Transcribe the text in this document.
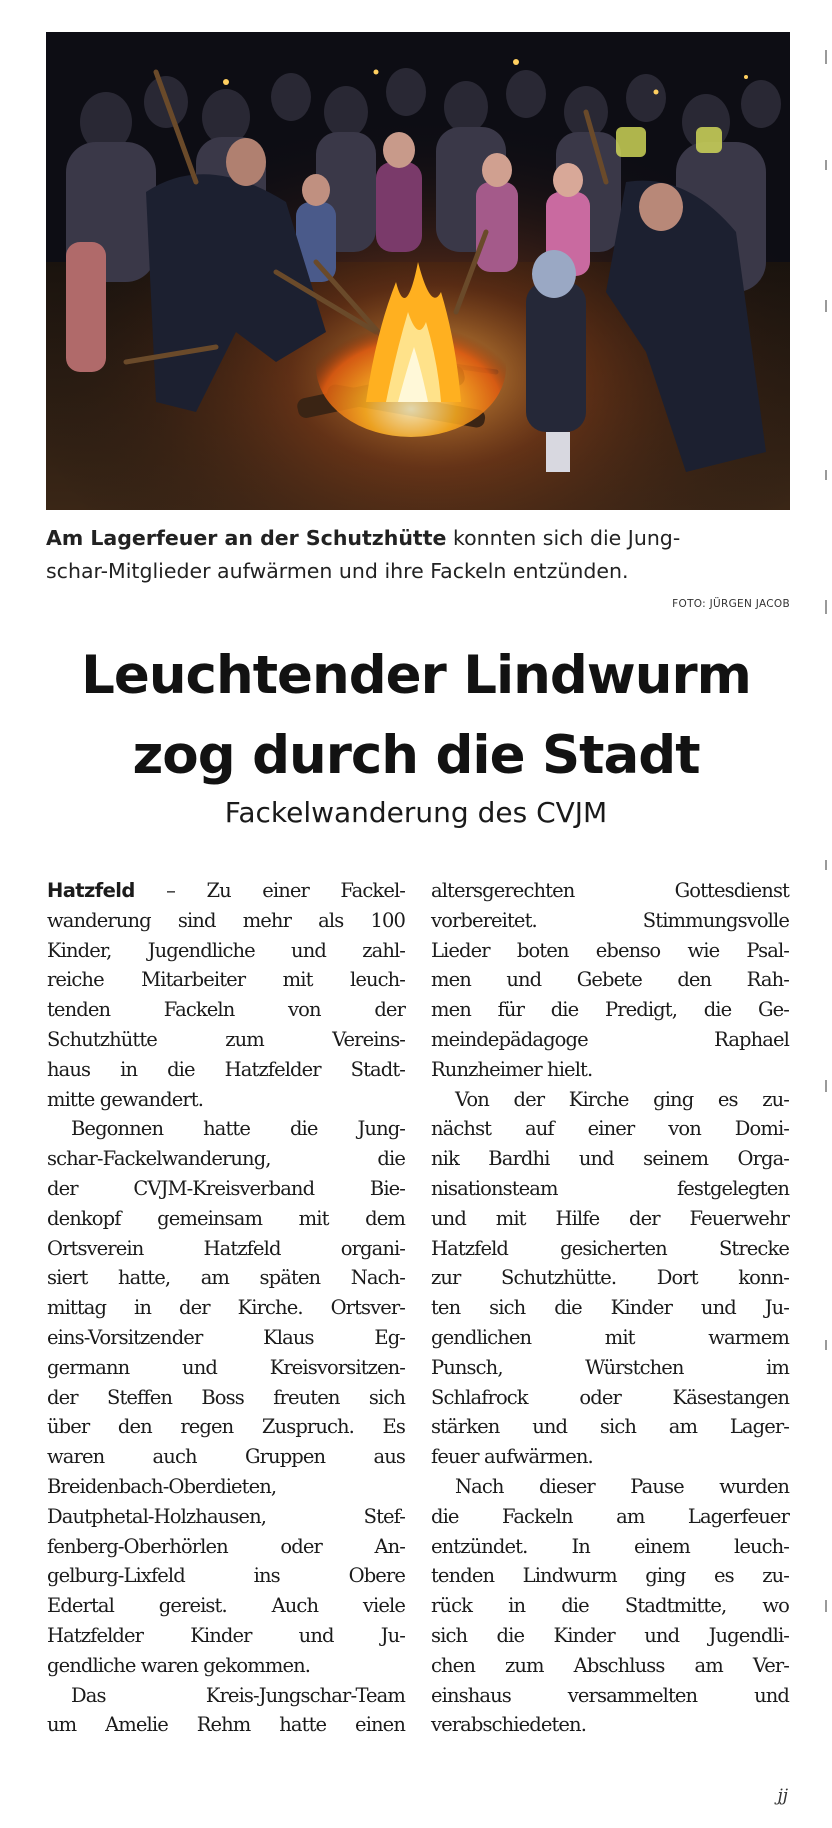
Am Lagerfeuer an der Schutzhütte konnten sich die Jung-
schar-Mitglieder aufwärmen und ihre Fackeln entzünden.
FOTO: JÜRGEN JACOB
Leuchtender Lindwurm
zog durch die Stadt
Fackelwanderung des CVJM
Hatzfeld – Zu einer Fackel-
wanderung sind mehr als 100
Kinder, Jugendliche und zahl-
reiche Mitarbeiter mit leuch-
tenden Fackeln von der
Schutzhütte zum Vereins-
haus in die Hatzfelder Stadt-
mitte gewandert.
Begonnen hatte die Jung-
schar-Fackelwanderung, die
der CVJM-Kreisverband Bie-
denkopf gemeinsam mit dem
Ortsverein Hatzfeld organi-
siert hatte, am späten Nach-
mittag in der Kirche. Ortsver-
eins-Vorsitzender Klaus Eg-
germann und Kreisvorsitzen-
der Steffen Boss freuten sich
über den regen Zuspruch. Es
waren auch Gruppen aus
Breidenbach-Oberdieten,
Dautphetal-Holzhausen, Stef-
fenberg-Oberhörlen oder An-
gelburg-Lixfeld ins Obere
Edertal gereist. Auch viele
Hatzfelder Kinder und Ju-
gendliche waren gekommen.
Das Kreis-Jungschar-Team
um Amelie Rehm hatte einen
altersgerechten Gottesdienst
vorbereitet. Stimmungsvolle
Lieder boten ebenso wie Psal-
men und Gebete den Rah-
men für die Predigt, die Ge-
meindepädagoge Raphael
Runzheimer hielt.
Von der Kirche ging es zu-
nächst auf einer von Domi-
nik Bardhi und seinem Orga-
nisationsteam festgelegten
und mit Hilfe der Feuerwehr
Hatzfeld gesicherten Strecke
zur Schutzhütte. Dort konn-
ten sich die Kinder und Ju-
gendlichen mit warmem
Punsch, Würstchen im
Schlafrock oder Käsestangen
stärken und sich am Lager-
feuer aufwärmen.
Nach dieser Pause wurden
die Fackeln am Lagerfeuer
entzündet. In einem leuch-
tenden Lindwurm ging es zu-
rück in die Stadtmitte, wo
sich die Kinder und Jugendli-
chen zum Abschluss am Ver-
einshaus versammelten und
verabschiedeten.
jj
